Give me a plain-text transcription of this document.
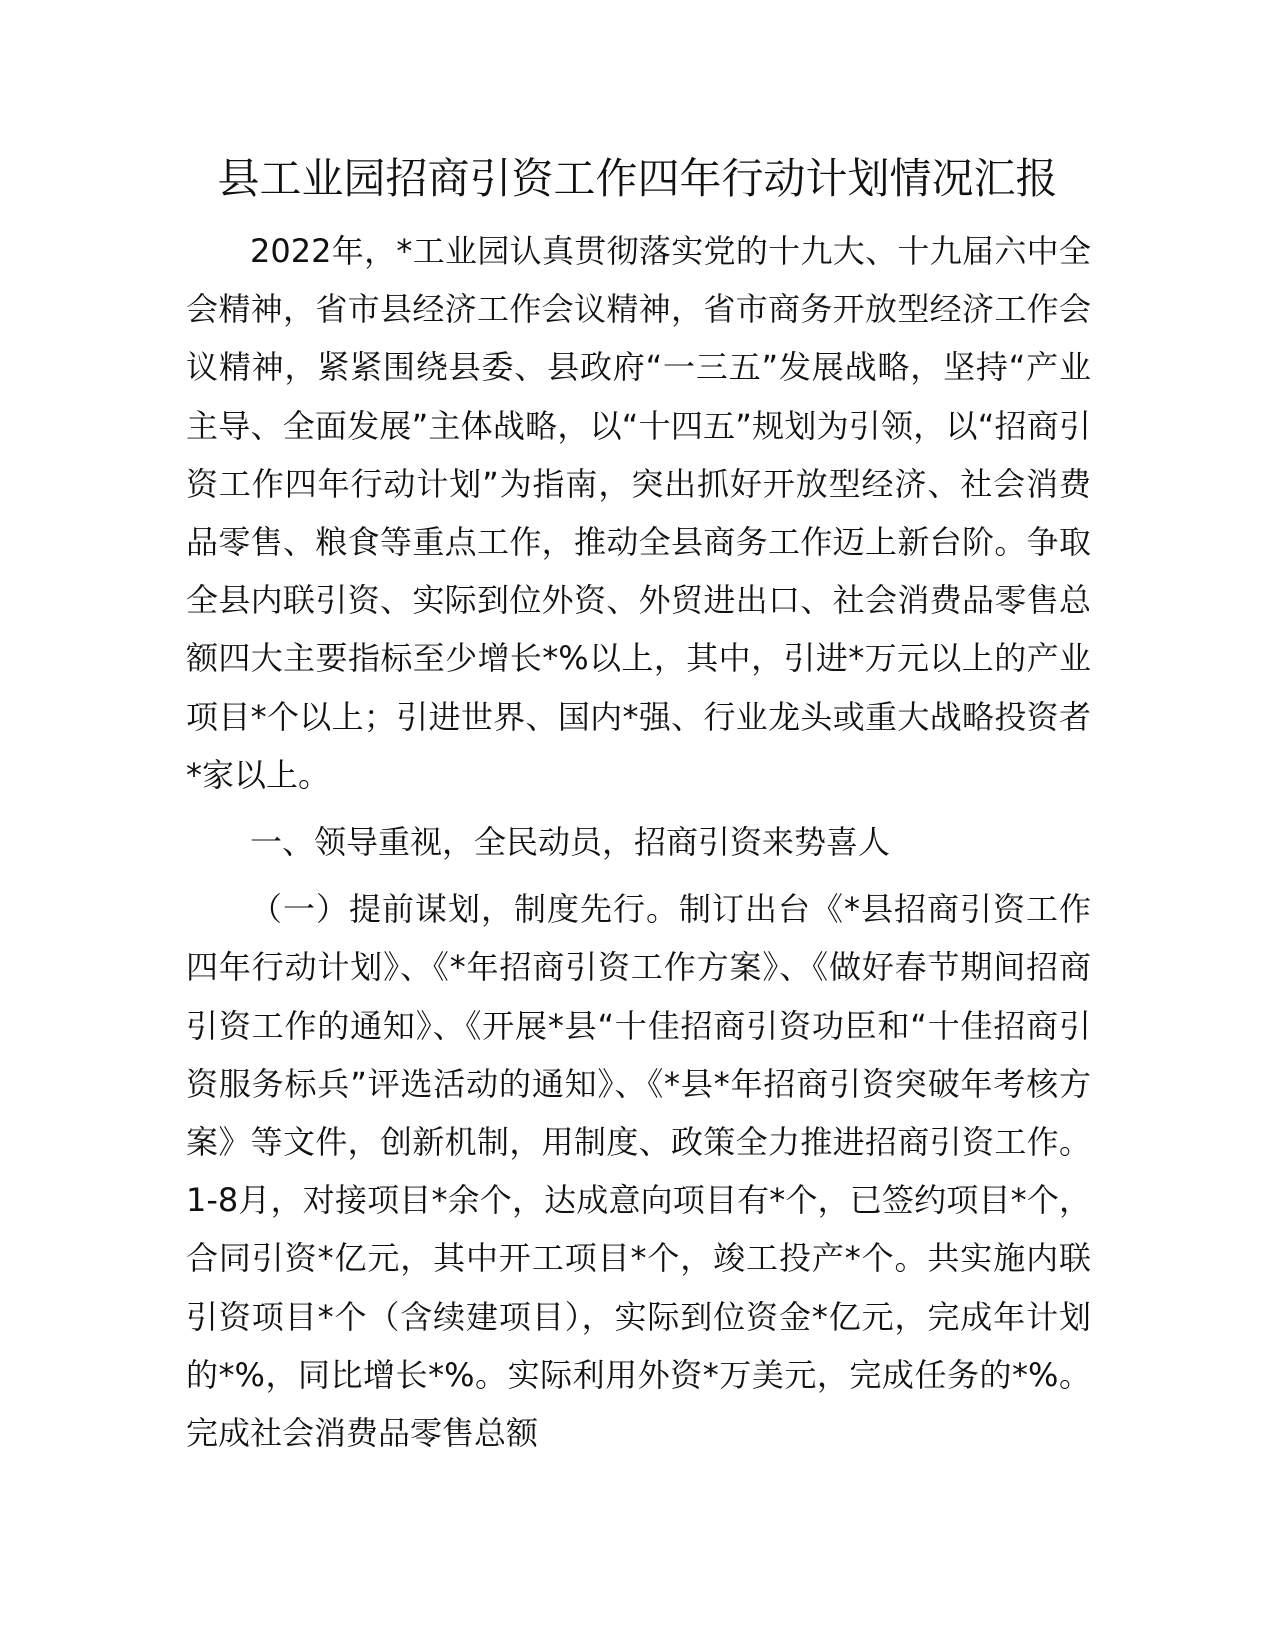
县工业园招商引资工作四年行动计划情况汇报

2022年，*工业园认真贯彻落实党的十九大、十九届六中全会精神，省市县经济工作会议精神，省市商务开放型经济工作会议精神，紧紧围绕县委、县政府“一三五”发展战略，坚持“产业主导、全面发展”主体战略，以“十四五”规划为引领，以“招商引资工作四年行动计划”为指南，突出抓好开放型经济、社会消费品零售、粮食等重点工作，推动全县商务工作迈上新台阶。争取全县内联引资、实际到位外资、外贸进出口、社会消费品零售总额四大主要指标至少增长*%以上，其中，引进*万元以上的产业项目*个以上；引进世界、国内*强、行业龙头或重大战略投资者*家以上。

一、领导重视，全民动员，招商引资来势喜人

（一）提前谋划，制度先行。制订出台《*县招商引资工作四年行动计划》、《*年招商引资工作方案》、《做好春节期间招商引资工作的通知》、《开展*县“十佳招商引资功臣和“十佳招商引资服务标兵”评选活动的通知》、《*县*年招商引资突破年考核方案》等文件，创新机制，用制度、政策全力推进招商引资工作。1-8月，对接项目*余个，达成意向项目有*个，已签约项目*个，合同引资*亿元，其中开工项目*个，竣工投产*个。共实施内联引资项目*个（含续建项目），实际到位资金*亿元，完成年计划的*%，同比增长*%。实际利用外资*万美元，完成任务的*%。完成社会消费品零售总额
